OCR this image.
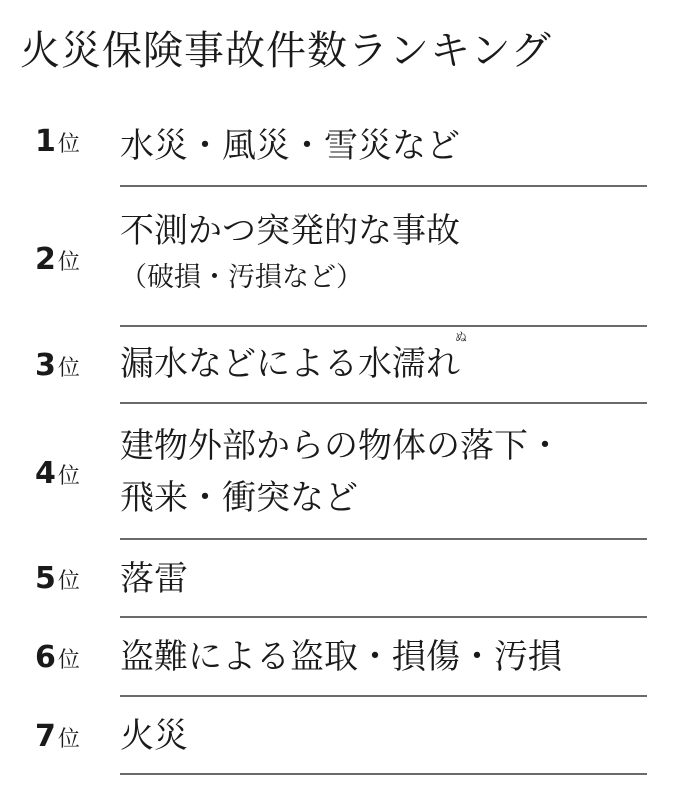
火災保険事故件数ランキング
1位 水災・風災・雪災など
2位
不測かつ突発的な事故
（破損・汚損など）
3位
ぬ
漏水などによる水濡れ
4位
建物外部からの物体の落下・
飛来・衝突など
5位 落雷
6位 盗難による盗取・損傷・汚損
7位 火災
